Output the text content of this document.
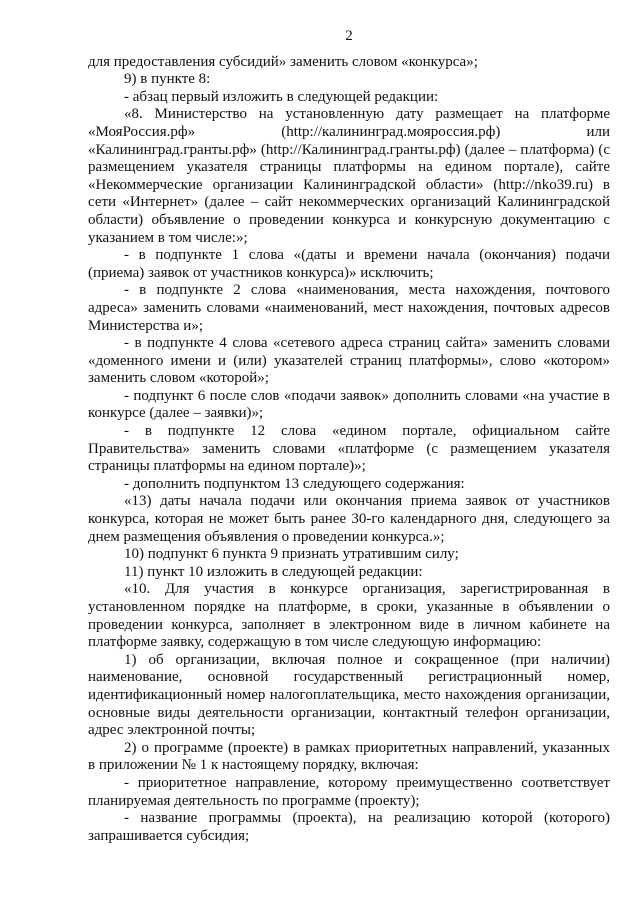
2

для предоставления субсидий» заменить словом «конкурса»;

9) в пункте 8:

- абзац первый изложить в следующей редакции:

«8. Министерство на установленную дату размещает на платформе «МояРоссия.рф» (http://калининград.мояроссия.рф) или «Калининград.гранты.рф» (http://Калининград.гранты.рф) (далее – платформа) (с размещением указателя страницы платформы на едином портале), сайте «Некоммерческие организации Калининградской области» (http://nko39.ru) в сети «Интернет» (далее – сайт некоммерческих организаций Калининградской области) объявление о проведении конкурса и конкурсную документацию с указанием в том числе:»;

- в подпункте 1 слова «(даты и времени начала (окончания) подачи (приема) заявок от участников конкурса)» исключить;

- в подпункте 2 слова «наименования, места нахождения, почтового адреса» заменить словами «наименований, мест нахождения, почтовых адресов Министерства и»;

- в подпункте 4 слова «сетевого адреса страниц сайта» заменить словами «доменного имени и (или) указателей страниц платформы», слово «котором» заменить словом «которой»;

- подпункт 6 после слов «подачи заявок» дополнить словами «на участие в конкурсе (далее – заявки)»;

- в подпункте 12 слова «едином портале, официальном сайте Правительства» заменить словами «платформе (с размещением указателя страницы платформы на едином портале)»;

- дополнить подпунктом 13 следующего содержания:

«13) даты начала подачи или окончания приема заявок от участников конкурса, которая не может быть ранее 30-го календарного дня, следующего за днем размещения объявления о проведении конкурса.»;

10) подпункт 6 пункта 9 признать утратившим силу;

11) пункт 10 изложить в следующей редакции:

«10. Для участия в конкурсе организация, зарегистрированная в установленном порядке на платформе, в сроки, указанные в объявлении о проведении конкурса, заполняет в электронном виде в личном кабинете на платформе заявку, содержащую в том числе следующую информацию:

1) об организации, включая полное и сокращенное (при наличии) наименование, основной государственный регистрационный номер, идентификационный номер налогоплательщика, место нахождения организации, основные виды деятельности организации, контактный телефон организации, адрес электронной почты;

2) о программе (проекте) в рамках приоритетных направлений, указанных в приложении № 1 к настоящему порядку, включая:

- приоритетное направление, которому преимущественно соответствует планируемая деятельность по программе (проекту);

- название программы (проекта), на реализацию которой (которого) запрашивается субсидия;
